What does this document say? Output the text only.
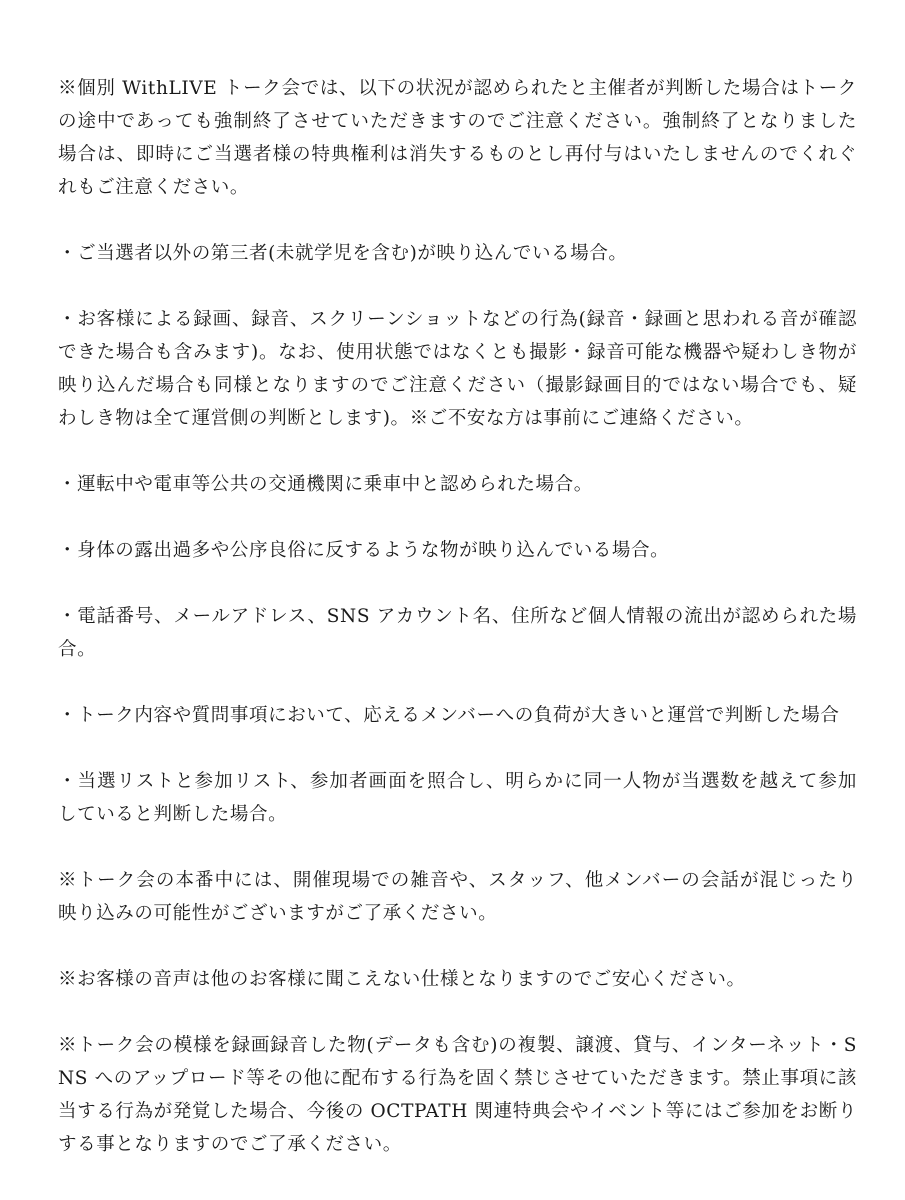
※個別 WithLIVE トーク会では、以下の状況が認められたと主催者が判断した場合はトークの途中であっても強制終了させていただきますのでご注意ください。強制終了となりました場合は、即時にご当選者様の特典権利は消失するものとし再付与はいたしませんのでくれぐれもご注意ください。

・ご当選者以外の第三者(未就学児を含む)が映り込んでいる場合。

・お客様による録画、録音、スクリーンショットなどの行為(録音・録画と思われる音が確認できた場合も含みます)。なお、使用状態ではなくとも撮影・録音可能な機器や疑わしき物が映り込んだ場合も同様となりますのでご注意ください（撮影録画目的ではない場合でも、疑わしき物は全て運営側の判断とします)。※ご不安な方は事前にご連絡ください。

・運転中や電車等公共の交通機関に乗車中と認められた場合。

・身体の露出過多や公序良俗に反するような物が映り込んでいる場合。

・電話番号、メールアドレス、SNS アカウント名、住所など個人情報の流出が認められた場合。

・トーク内容や質問事項において、応えるメンバーへの負荷が大きいと運営で判断した場合

・当選リストと参加リスト、参加者画面を照合し、明らかに同一人物が当選数を越えて参加していると判断した場合。

※トーク会の本番中には、開催現場での雑音や、スタッフ、他メンバーの会話が混じったり映り込みの可能性がございますがご了承ください。

※お客様の音声は他のお客様に聞こえない仕様となりますのでご安心ください。

※トーク会の模様を録画録音した物(データも含む)の複製、譲渡、貸与、インターネット・SNS へのアップロード等その他に配布する行為を固く禁じさせていただきます。禁止事項に該当する行為が発覚した場合、今後の OCTPATH 関連特典会やイベント等にはご参加をお断りする事となりますのでご了承ください。
